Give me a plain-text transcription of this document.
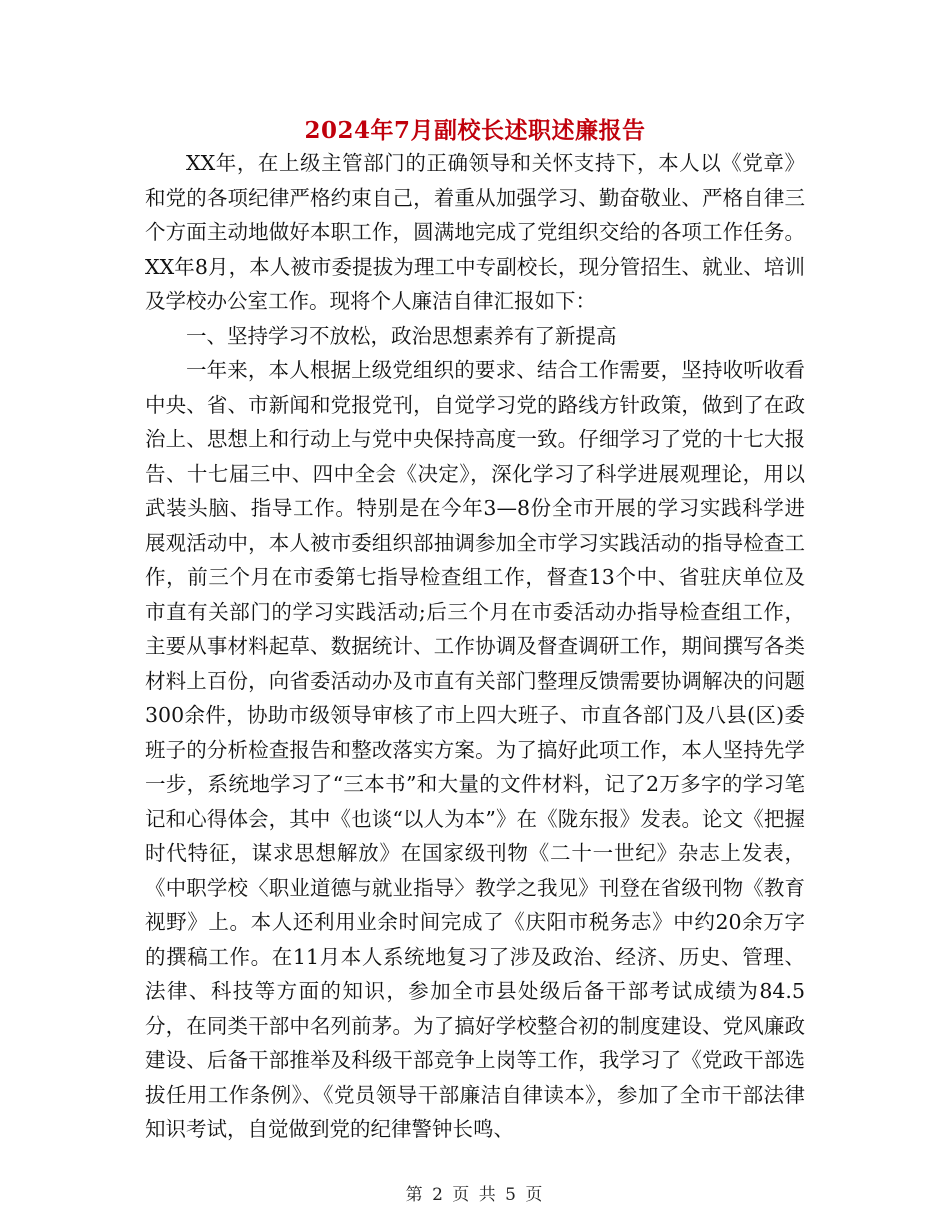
2024年7月副校长述职述廉报告

XX年，在上级主管部门的正确领导和关怀支持下，本人以《党章》和党的各项纪律严格约束自己，着重从加强学习、勤奋敬业、严格自律三个方面主动地做好本职工作，圆满地完成了党组织交给的各项工作任务。XX年8月，本人被市委提拔为理工中专副校长，现分管招生、就业、培训及学校办公室工作。现将个人廉洁自律汇报如下：

一、坚持学习不放松，政治思想素养有了新提高

一年来，本人根据上级党组织的要求、结合工作需要，坚持收听收看中央、省、市新闻和党报党刊，自觉学习党的路线方针政策，做到了在政治上、思想上和行动上与党中央保持高度一致。仔细学习了党的十七大报告、十七届三中、四中全会《决定》，深化学习了科学进展观理论，用以武装头脑、指导工作。特别是在今年3—8份全市开展的学习实践科学进展观活动中，本人被市委组织部抽调参加全市学习实践活动的指导检查工作，前三个月在市委第七指导检查组工作，督查13个中、省驻庆单位及市直有关部门的学习实践活动;后三个月在市委活动办指导检查组工作，主要从事材料起草、数据统计、工作协调及督查调研工作，期间撰写各类材料上百份，向省委活动办及市直有关部门整理反馈需要协调解决的问题300余件，协助市级领导审核了市上四大班子、市直各部门及八县(区)委班子的分析检查报告和整改落实方案。为了搞好此项工作，本人坚持先学一步，系统地学习了“三本书”和大量的文件材料，记了2万多字的学习笔记和心得体会，其中《也谈“以人为本”》在《陇东报》发表。论文《把握时代特征，谋求思想解放》在国家级刊物《二十一世纪》杂志上发表，《中职学校〈职业道德与就业指导〉教学之我见》刊登在省级刊物《教育视野》上。本人还利用业余时间完成了《庆阳市税务志》中约20余万字的撰稿工作。在11月本人系统地复习了涉及政治、经济、历史、管理、法律、科技等方面的知识，参加全市县处级后备干部考试成绩为84.5分，在同类干部中名列前茅。为了搞好学校整合初的制度建设、党风廉政建设、后备干部推举及科级干部竞争上岗等工作，我学习了《党政干部选拔任用工作条例》、《党员领导干部廉洁自律读本》，参加了全市干部法律知识考试，自觉做到党的纪律警钟长鸣、

第 2 页 共 5 页
